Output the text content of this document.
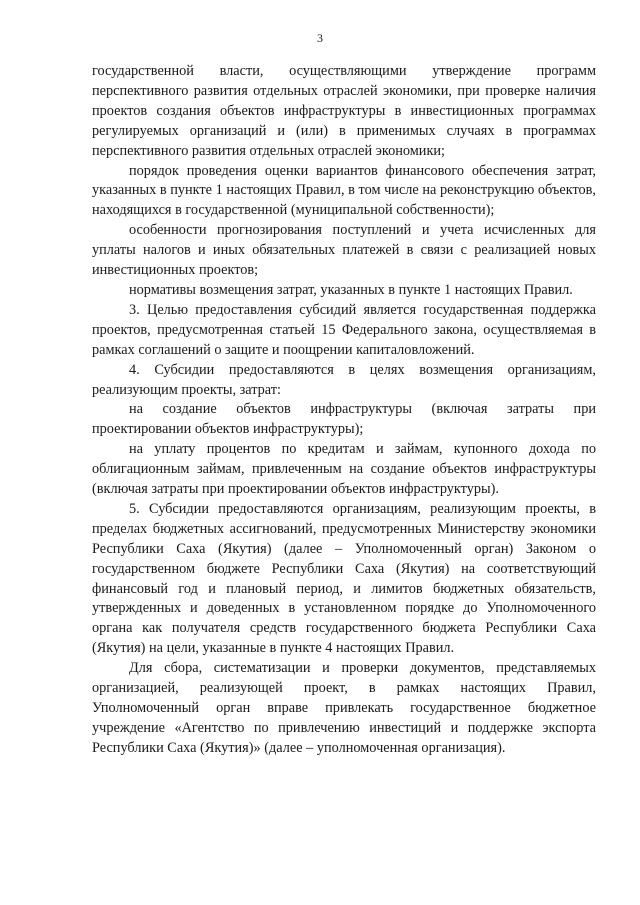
3

государственной власти, осуществляющими утверждение программ перспективного развития отдельных отраслей экономики, при проверке наличия проектов создания объектов инфраструктуры в инвестиционных программах регулируемых организаций и (или) в применимых случаях в программах перспективного развития отдельных отраслей экономики;

порядок проведения оценки вариантов финансового обеспечения затрат, указанных в пункте 1 настоящих Правил, в том числе на реконструкцию объектов, находящихся в государственной (муниципальной собственности);

особенности прогнозирования поступлений и учета исчисленных для уплаты налогов и иных обязательных платежей в связи с реализацией новых инвестиционных проектов;

нормативы возмещения затрат, указанных в пункте 1 настоящих Правил.

3. Целью предоставления субсидий является государственная поддержка проектов, предусмотренная статьей 15 Федерального закона, осуществляемая в рамках соглашений о защите и поощрении капиталовложений.

4. Субсидии предоставляются в целях возмещения организациям, реализующим проекты, затрат:

на создание объектов инфраструктуры (включая затраты при проектировании объектов инфраструктуры);

на уплату процентов по кредитам и займам, купонного дохода по облигационным займам, привлеченным на создание объектов инфраструктуры (включая затраты при проектировании объектов инфраструктуры).

5. Субсидии предоставляются организациям, реализующим проекты, в пределах бюджетных ассигнований, предусмотренных Министерству экономики Республики Саха (Якутия) (далее – Уполномоченный орган) Законом о государственном бюджете Республики Саха (Якутия) на соответствующий финансовый год и плановый период, и лимитов бюджетных обязательств, утвержденных и доведенных в установленном порядке до Уполномоченного органа как получателя средств государственного бюджета Республики Саха (Якутия) на цели, указанные в пункте 4 настоящих Правил.

Для сбора, систематизации и проверки документов, представляемых организацией, реализующей проект, в рамках настоящих Правил, Уполномоченный орган вправе привлекать государственное бюджетное учреждение «Агентство по привлечению инвестиций и поддержке экспорта Республики Саха (Якутия)» (далее – уполномоченная организация).
